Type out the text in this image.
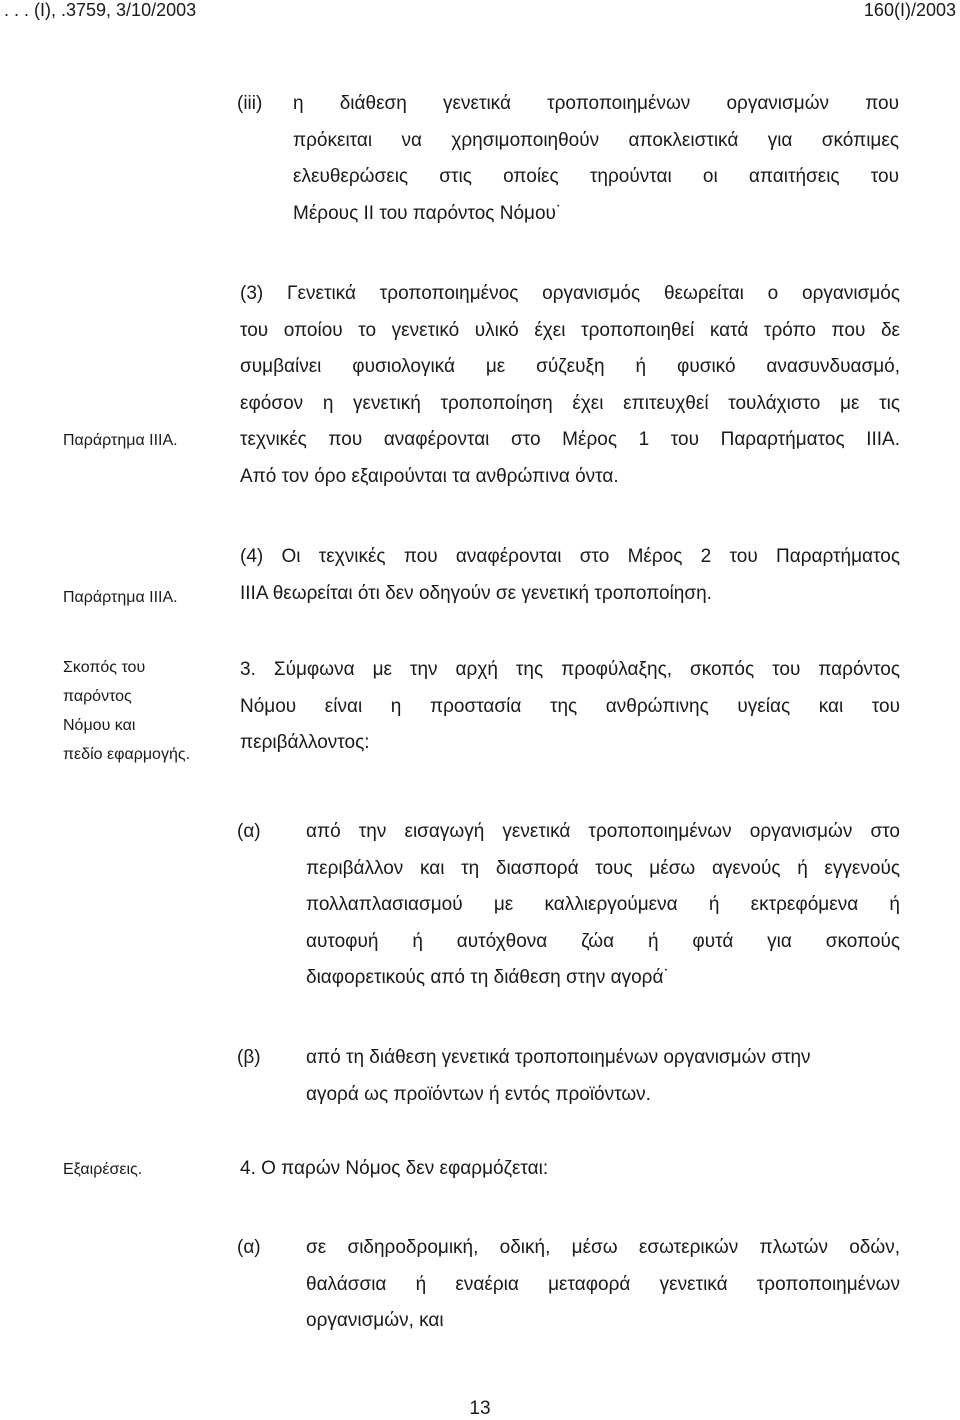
. . . (Ι), .3759, 3/10/2003	160(Ι)/2003
(iii) η διάθεση γενετικά τροποποιημένων οργανισμών που
πρόκειται να χρησιμοποιηθούν αποκλειστικά για σκόπιμες
ελευθερώσεις στις οποίες τηρούνται οι απαιτήσεις του
Μέρους ΙΙ του παρόντος Νόμου˙
Παράρτημα ΙΙΙΑ.
(3) Γενετικά τροποποιημένος οργανισμός θεωρείται ο οργανισμός
του οποίου το γενετικό υλικό έχει τροποποιηθεί κατά τρόπο που δε
συμβαίνει φυσιολογικά με σύζευξη ή φυσικό ανασυνδυασμό,
εφόσον η γενετική τροποποίηση έχει επιτευχθεί τουλάχιστο με τις
τεχνικές που αναφέρονται στο Μέρος 1 του Παραρτήματος ΙΙΙΑ.
Από τον όρο εξαιρούνται τα ανθρώπινα όντα.
Παράρτημα ΙΙΙΑ.
(4) Οι τεχνικές που αναφέρονται στο Μέρος 2 του Παραρτήματος
ΙΙΙΑ θεωρείται ότι δεν οδηγούν σε γενετική τροποποίηση.
Σκοπός του
παρόντος
Νόμου και
πεδίο εφαρμογής.
3. Σύμφωνα με την αρχή της προφύλαξης, σκοπός του παρόντος
Νόμου είναι η προστασία της ανθρώπινης υγείας και του
περιβάλλοντος:
(α) από την εισαγωγή γενετικά τροποποιημένων οργανισμών στο
περιβάλλον και τη διασπορά τους μέσω αγενούς ή εγγενούς
πολλαπλασιασμού με καλλιεργούμενα ή εκτρεφόμενα ή
αυτοφυή ή αυτόχθονα ζώα ή φυτά για σκοπούς
διαφορετικούς από τη διάθεση στην αγορά˙
(β) από τη διάθεση γενετικά τροποποιημένων οργανισμών στην
αγορά ως προϊόντων ή εντός προϊόντων.
Εξαιρέσεις.	4. Ο παρών Νόμος δεν εφαρμόζεται:
(α) σε σιδηροδρομική, οδική, μέσω εσωτερικών πλωτών οδών,
θαλάσσια ή εναέρια μεταφορά γενετικά τροποποιημένων
οργανισμών, και
13
